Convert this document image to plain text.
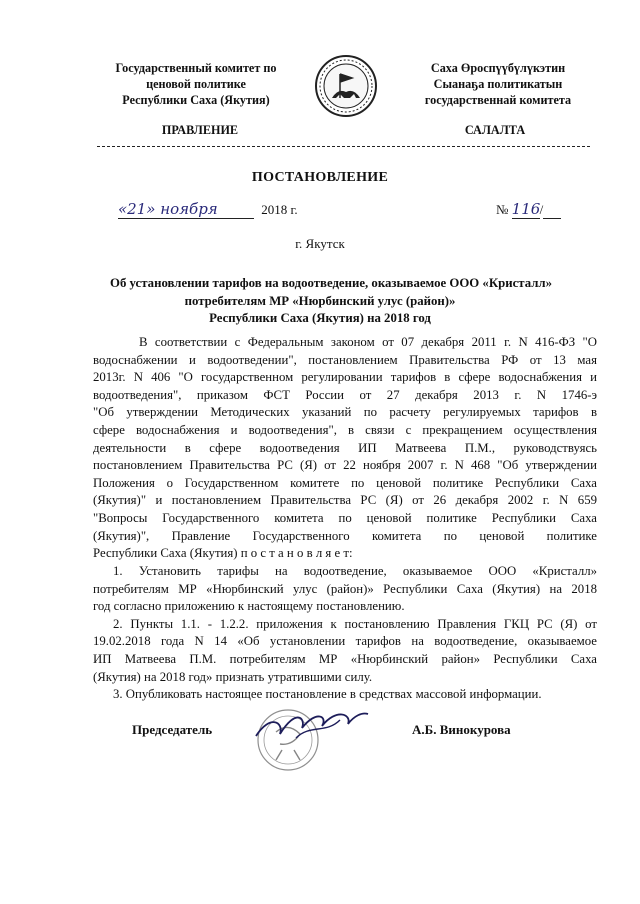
Государственный комитет по
ценовой политике
Республики Саха (Якутия)
Саха Өроспүүбүлүкэтин
Сыанаҕа политикатын
государственнай комитета
ПРАВЛЕНИЕ	САЛАЛТА
ПОСТАНОВЛЕНИЕ
«21» ноября	2018 г.	№ 116/
г. Якутск
Об установлении тарифов на водоотведение, оказываемое ООО «Кристалл»
потребителям МР «Нюрбинский улус (район)»
Республики Саха (Якутия) на 2018 год
В соответствии с Федеральным законом от 07 декабря 2011 г. N 416-ФЗ "О
водоснабжении и водоотведении", постановлением Правительства РФ от 13 мая
2013г. N 406 "О государственном регулировании тарифов в сфере водоснабжения и
водоотведения", приказом ФСТ России от 27 декабря 2013 г. N 1746-э
"Об утверждении Методических указаний по расчету регулируемых тарифов в
сфере водоснабжения и водоотведения", в связи с прекращением осуществления
деятельности в сфере водоотведения ИП Матвеева П.М., руководствуясь
постановлением Правительства РС (Я) от 22 ноября 2007 г. N 468 "Об утверждении
Положения о Государственном комитете по ценовой политике Республики Саха
(Якутия)" и постановлением Правительства РС (Я) от 26 декабря 2002 г. N 659
"Вопросы Государственного комитета по ценовой политике Республики Саха
(Якутия)", Правление Государственного комитета по ценовой политике
Республики Саха (Якутия) п о с т а н о в л я е т:
1. Установить тарифы на водоотведение, оказываемое ООО «Кристалл»
потребителям МР «Нюрбинский улус (район)» Республики Саха (Якутия) на 2018
год согласно приложению к настоящему постановлению.
2. Пункты 1.1. - 1.2.2. приложения к постановлению Правления ГКЦ РС (Я) от
19.02.2018 года N 14 «Об установлении тарифов на водоотведение, оказываемое
ИП Матвеева П.М. потребителям МР «Нюрбинский район» Республики Саха
(Якутия) на 2018 год» признать утратившими силу.
3. Опубликовать настоящее постановление в средствах массовой информации.
Председатель	А.Б. Винокурова
